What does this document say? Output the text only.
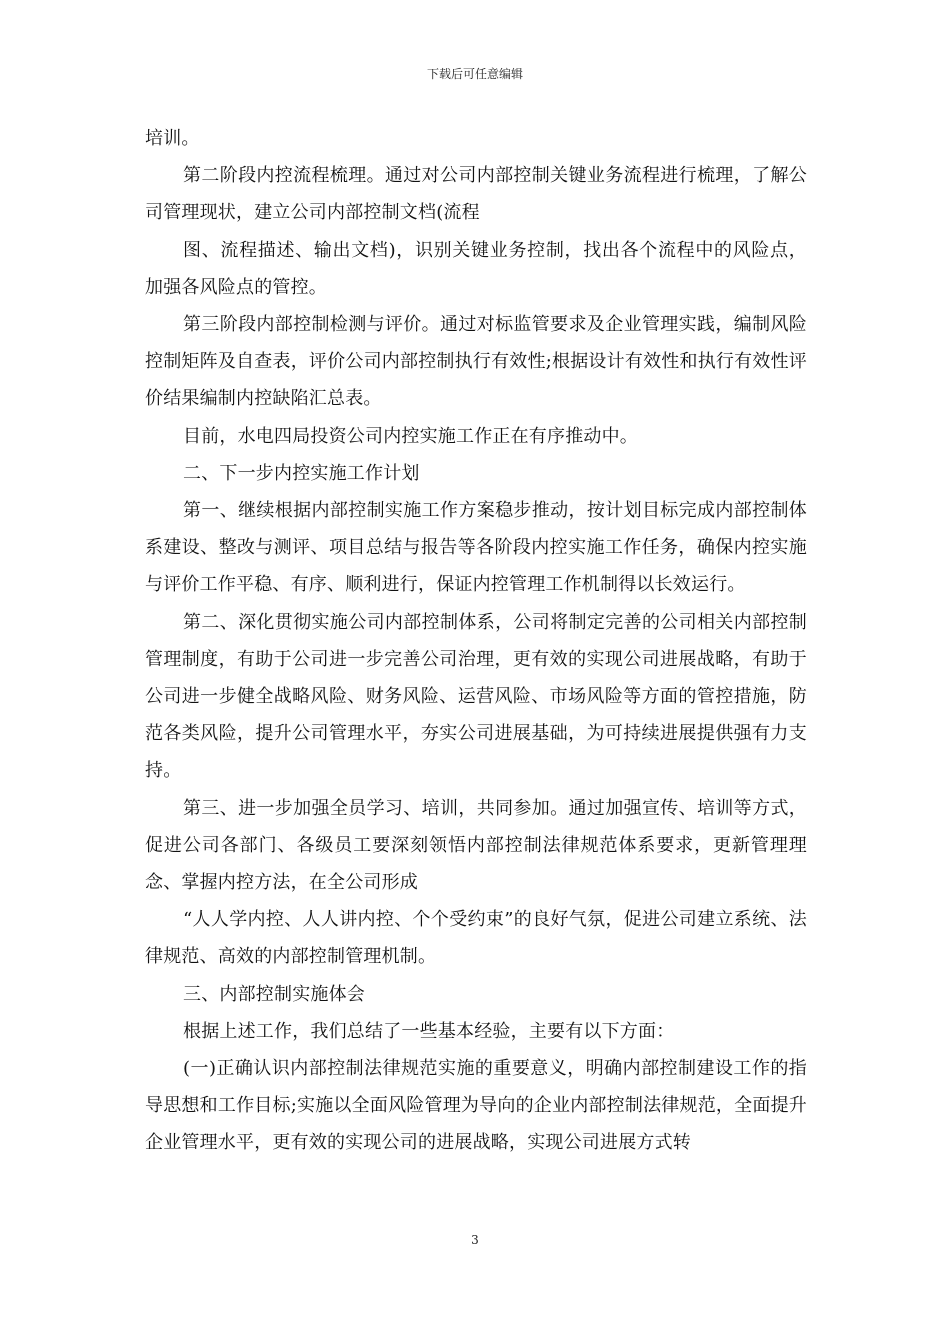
下载后可任意编辑

培训。

第二阶段内控流程梳理。通过对公司内部控制关键业务流程进行梳理，了解公司管理现状，建立公司内部控制文档(流程

图、流程描述、输出文档)，识别关键业务控制，找出各个流程中的风险点，加强各风险点的管控。

第三阶段内部控制检测与评价。通过对标监管要求及企业管理实践，编制风险控制矩阵及自查表，评价公司内部控制执行有效性;根据设计有效性和执行有效性评价结果编制内控缺陷汇总表。

目前，水电四局投资公司内控实施工作正在有序推动中。

二、下一步内控实施工作计划

第一、继续根据内部控制实施工作方案稳步推动，按计划目标完成内部控制体系建设、整改与测评、项目总结与报告等各阶段内控实施工作任务，确保内控实施与评价工作平稳、有序、顺利进行，保证内控管理工作机制得以长效运行。

第二、深化贯彻实施公司内部控制体系，公司将制定完善的公司相关内部控制管理制度，有助于公司进一步完善公司治理，更有效的实现公司进展战略，有助于公司进一步健全战略风险、财务风险、运营风险、市场风险等方面的管控措施，防范各类风险，提升公司管理水平，夯实公司进展基础，为可持续进展提供强有力支持。

第三、进一步加强全员学习、培训，共同参加。通过加强宣传、培训等方式，促进公司各部门、各级员工要深刻领悟内部控制法律规范体系要求，更新管理理念、掌握内控方法，在全公司形成

“人人学内控、人人讲内控、个个受约束”的良好气氛，促进公司建立系统、法律规范、高效的内部控制管理机制。

三、内部控制实施体会

根据上述工作，我们总结了一些基本经验，主要有以下方面：

(一)正确认识内部控制法律规范实施的重要意义，明确内部控制建设工作的指导思想和工作目标;实施以全面风险管理为导向的企业内部控制法律规范，全面提升企业管理水平，更有效的实现公司的进展战略，实现公司进展方式转

3
